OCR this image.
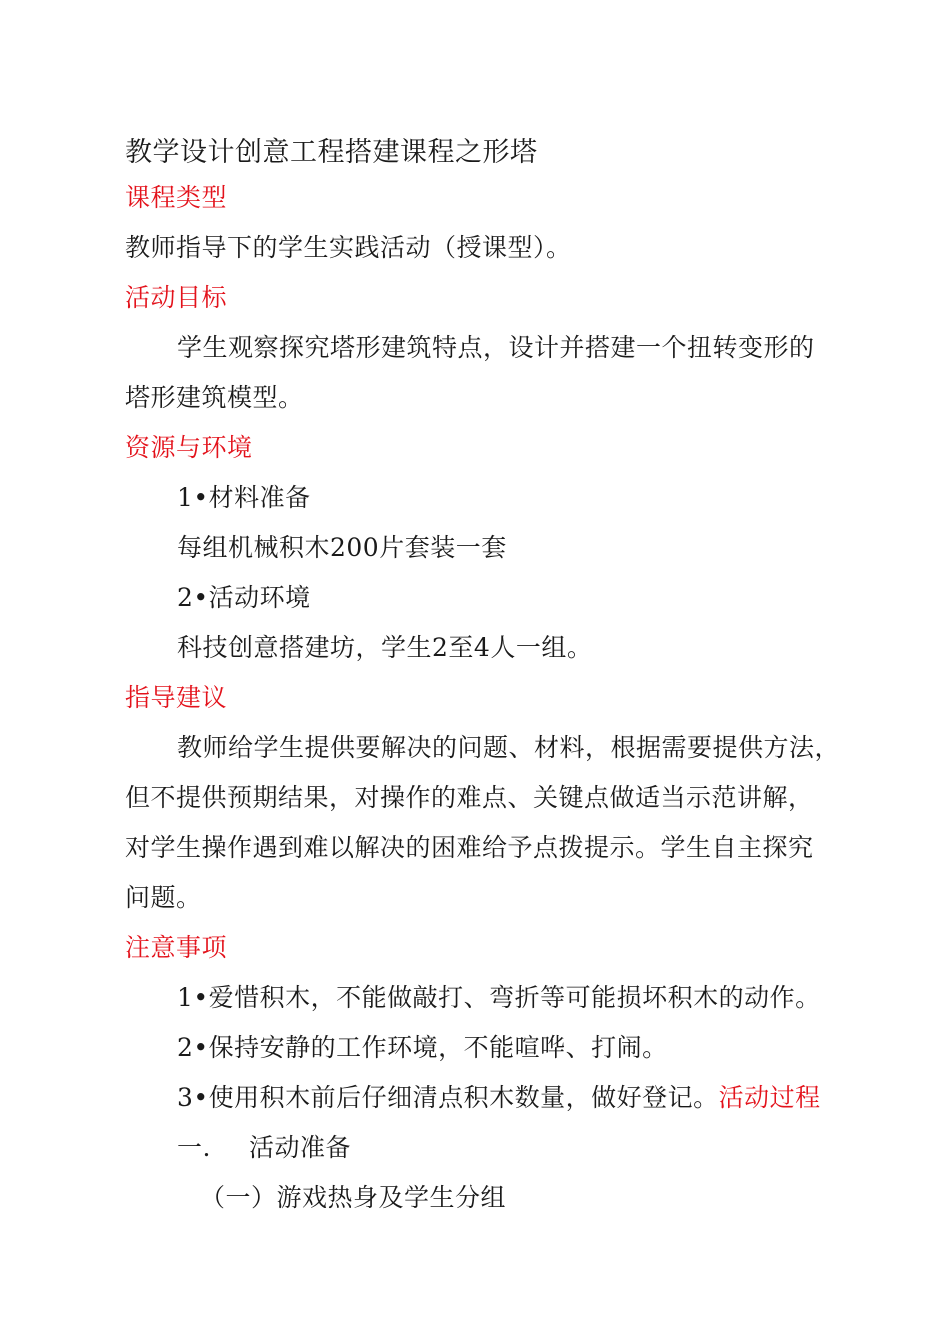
教学设计创意工程搭建课程之形塔
课程类型
教师指导下的学生实践活动（授课型）。
活动目标
学生观察探究塔形建筑特点，设计并搭建一个扭转变形的
塔形建筑模型。
资源与环境
1•材料准备
每组机械积木200片套装一套
2•活动环境
科技创意搭建坊，学生2至4人一组。
指导建议
教师给学生提供要解决的问题、材料，根据需要提供方法，
但不提供预期结果，对操作的难点、关键点做适当示范讲解，
对学生操作遇到难以解决的困难给予点拨提示。学生自主探究
问题。
注意事项
1•爱惜积木，不能做敲打、弯折等可能损坏积木的动作。
2•保持安静的工作环境，不能喧哗、打闹。
3•使用积木前后仔细清点积木数量，做好登记。活动过程
一. 活动准备
（一）游戏热身及学生分组
